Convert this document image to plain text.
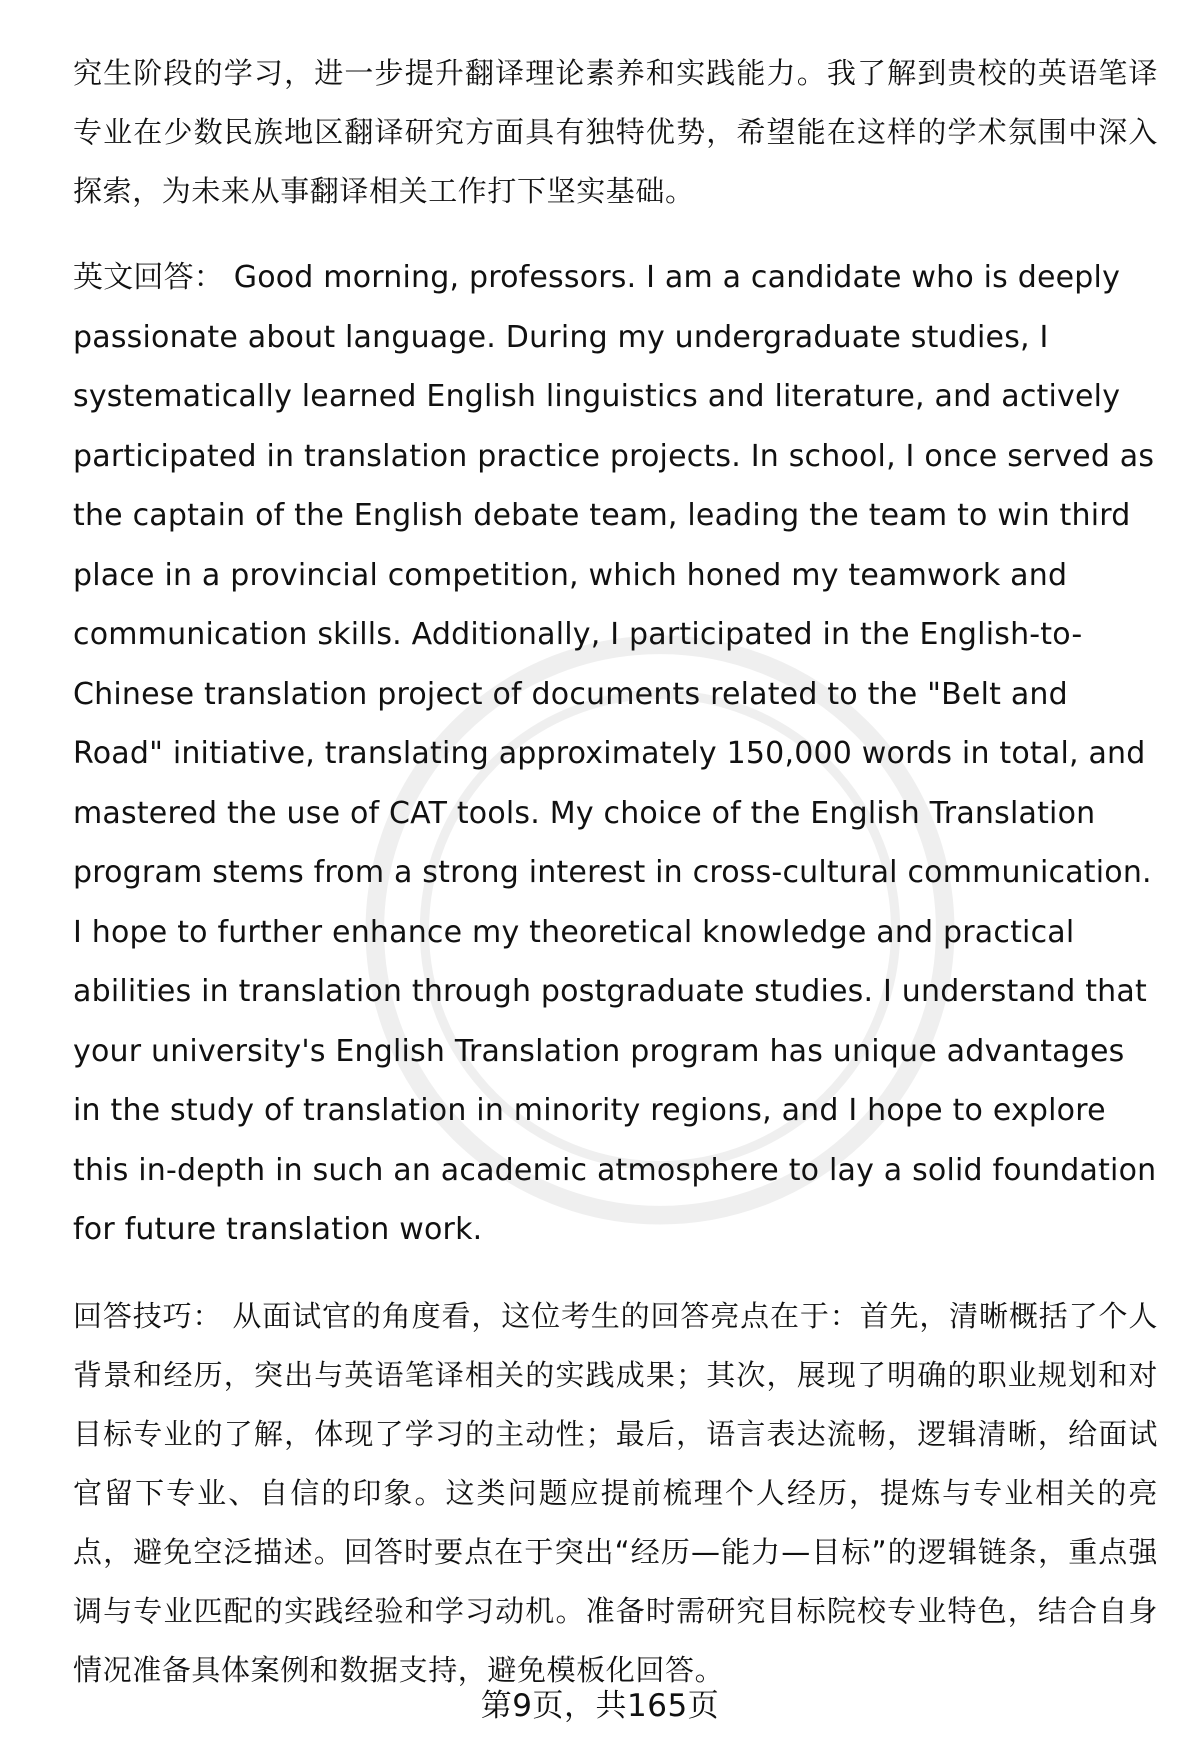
究生阶段的学习，进一步提升翻译理论素养和实践能力。我了解到贵校的英语笔译专业在少数民族地区翻译研究方面具有独特优势，希望能在这样的学术氛围中深入探索，为未来从事翻译相关工作打下坚实基础。

英文回答： Good morning, professors. I am a candidate who is deeply passionate about language. During my undergraduate studies, I systematically learned English linguistics and literature, and actively participated in translation practice projects. In school, I once served as the captain of the English debate team, leading the team to win third place in a provincial competition, which honed my teamwork and communication skills. Additionally, I participated in the English-to-Chinese translation project of documents related to the "Belt and Road" initiative, translating approximately 150,000 words in total, and mastered the use of CAT tools. My choice of the English Translation program stems from a strong interest in cross-cultural communication. I hope to further enhance my theoretical knowledge and practical abilities in translation through postgraduate studies. I understand that your university's English Translation program has unique advantages in the study of translation in minority regions, and I hope to explore this in-depth in such an academic atmosphere to lay a solid foundation for future translation work.

回答技巧： 从面试官的角度看，这位考生的回答亮点在于：首先，清晰概括了个人背景和经历，突出与英语笔译相关的实践成果；其次，展现了明确的职业规划和对目标专业的了解，体现了学习的主动性；最后，语言表达流畅，逻辑清晰，给面试官留下专业、自信的印象。这类问题应提前梳理个人经历，提炼与专业相关的亮点，避免空泛描述。回答时要点在于突出“经历—能力—目标”的逻辑链条，重点强调与专业匹配的实践经验和学习动机。准备时需研究目标院校专业特色，结合自身情况准备具体案例和数据支持，避免模板化回答。

第9页，共165页
